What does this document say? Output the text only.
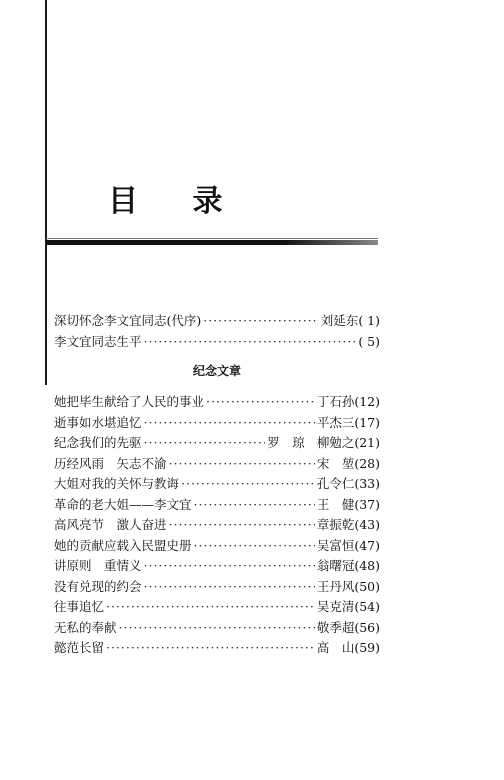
目 录
深切怀念李文宜同志(代序) ·····	刘延东 ( 1)
李文宜同志生平 ·····	( 5)
纪念文章
她把毕生献给了人民的事业 ·····	丁石孙 (12)
逝事如水堪追忆 ·····	平杰三 (17)
纪念我们的先驱 ·····	罗　琼 柳勉之 (21)
历经风雨　矢志不渝 ·····	宋　堃 (28)
大姐对我的关怀与教诲 ·····	孔令仁 (33)
革命的老大姐——李文宜 ·····	王　健 (37)
高风亮节　激人奋进 ·····	章振乾 (43)
她的贡献应载入民盟史册 ·····	吴富恒 (47)
讲原则　重情义 ·····	翁曙冠 (48)
没有兑现的约会 ·····	王丹风 (50)
往事追忆 ·····	吴克清 (54)
无私的奉献 ·····	敬季超 (56)
懿范长留 ·····	高　山 (59)
